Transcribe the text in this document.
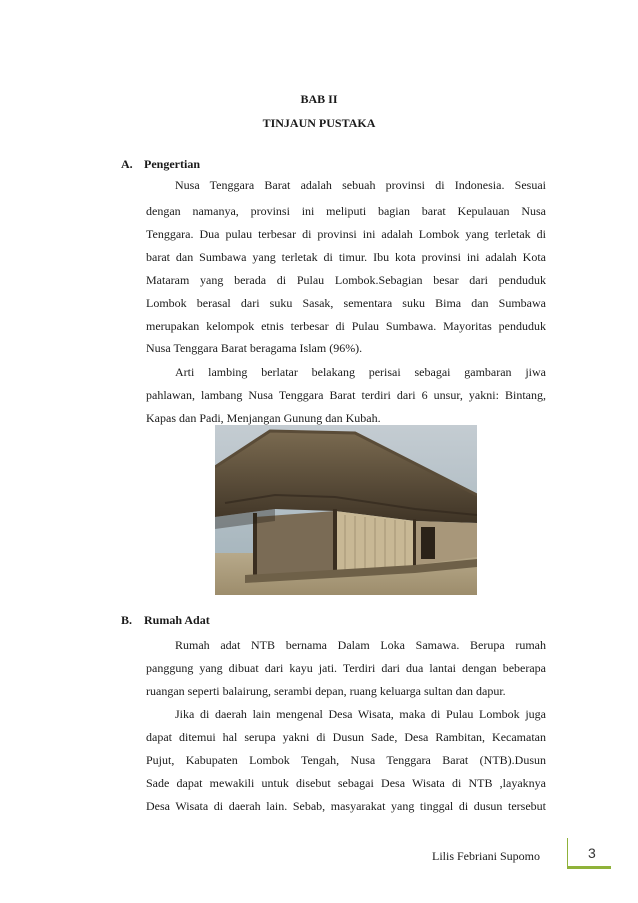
BAB II
TINJAUN PUSTAKA
A. Pengertian
Nusa Tenggara Barat adalah sebuah provinsi di Indonesia. Sesuai
dengan namanya, provinsi ini meliputi bagian barat Kepulauan Nusa
Tenggara. Dua pulau terbesar di provinsi ini adalah Lombok yang terletak di
barat dan Sumbawa yang terletak di timur. Ibu kota provinsi ini adalah Kota
Mataram yang berada di Pulau Lombok.Sebagian besar dari penduduk
Lombok berasal dari suku Sasak, sementara suku Bima dan Sumbawa
merupakan kelompok etnis terbesar di Pulau Sumbawa. Mayoritas penduduk
Nusa Tenggara Barat beragama Islam (96%).
Arti lambing berlatar belakang perisai sebagai gambaran jiwa
pahlawan, lambang Nusa Tenggara Barat terdiri dari 6 unsur, yakni: Bintang,
Kapas dan Padi, Menjangan Gunung dan Kubah.
B. Rumah Adat
Rumah adat NTB bernama Dalam Loka Samawa. Berupa rumah
panggung yang dibuat dari kayu jati. Terdiri dari dua lantai dengan beberapa
ruangan seperti balairung, serambi depan, ruang keluarga sultan dan dapur.
Jika di daerah lain mengenal Desa Wisata, maka di Pulau Lombok juga
dapat ditemui hal serupa yakni di Dusun Sade, Desa Rambitan, Kecamatan
Pujut, Kabupaten Lombok Tengah, Nusa Tenggara Barat (NTB).Dusun
Sade dapat mewakili untuk disebut sebagai Desa Wisata di NTB ,layaknya
Desa Wisata di daerah lain. Sebab, masyarakat yang tinggal di dusun tersebut
Lilis Febriani Supomo	3
